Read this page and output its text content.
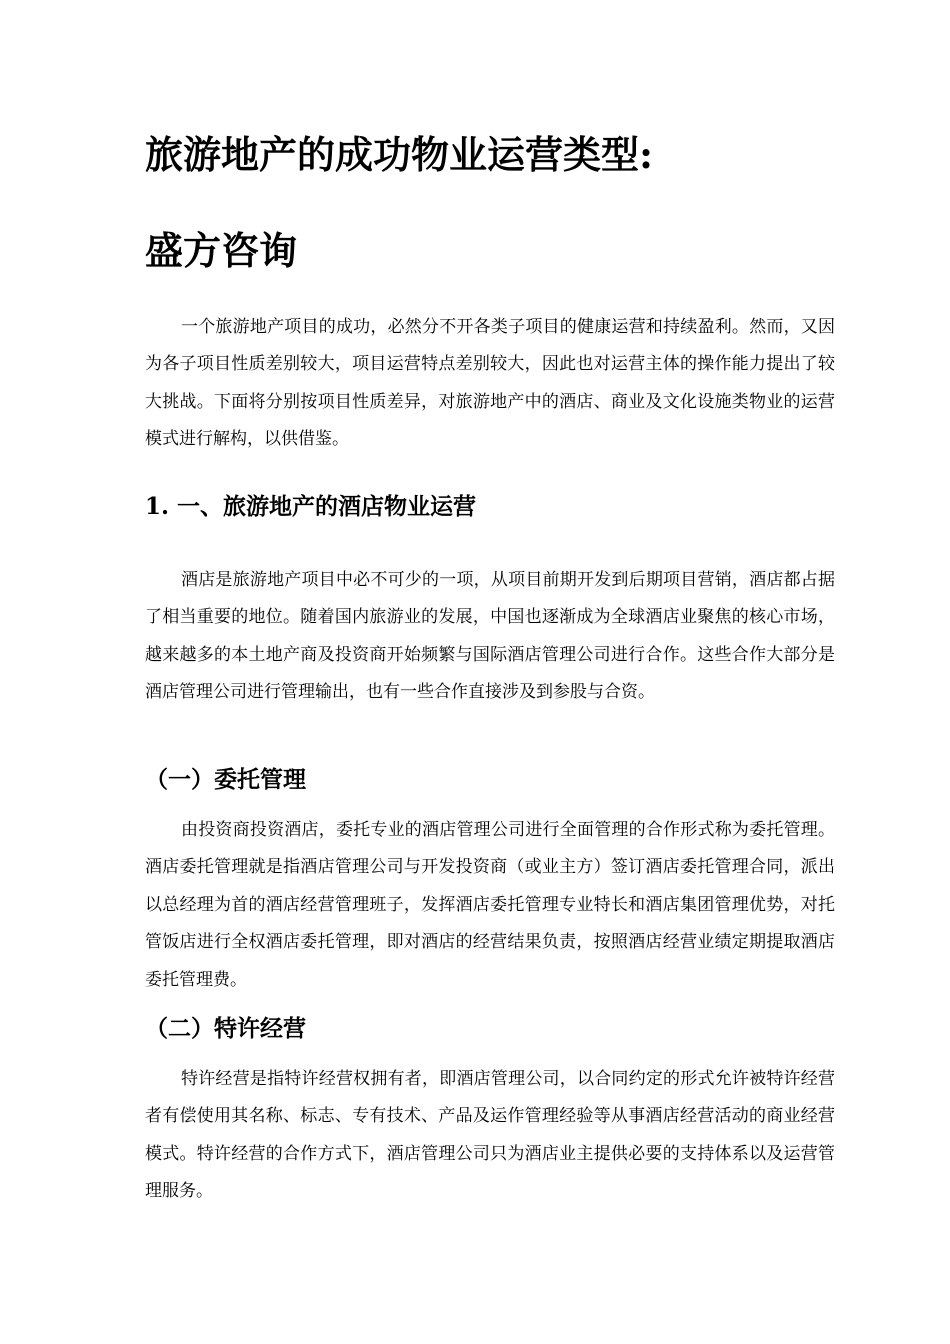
旅游地产的成功物业运营类型:
盛方咨询

一个旅游地产项目的成功，必然分不开各类子项目的健康运营和持续盈利。然而，又因为各子项目性质差别较大，项目运营特点差别较大，因此也对运营主体的操作能力提出了较大挑战。下面将分别按项目性质差异，对旅游地产中的酒店、商业及文化设施类物业的运营模式进行解构，以供借鉴。

1. 一、旅游地产的酒店物业运营

酒店是旅游地产项目中必不可少的一项，从项目前期开发到后期项目营销，酒店都占据了相当重要的地位。随着国内旅游业的发展，中国也逐渐成为全球酒店业聚焦的核心市场，越来越多的本土地产商及投资商开始频繁与国际酒店管理公司进行合作。这些合作大部分是酒店管理公司进行管理输出，也有一些合作直接涉及到参股与合资。

（一）委托管理

由投资商投资酒店，委托专业的酒店管理公司进行全面管理的合作形式称为委托管理。酒店委托管理就是指酒店管理公司与开发投资商（或业主方）签订酒店委托管理合同，派出以总经理为首的酒店经营管理班子，发挥酒店委托管理专业特长和酒店集团管理优势，对托管饭店进行全权酒店委托管理，即对酒店的经营结果负责，按照酒店经营业绩定期提取酒店委托管理费。

（二）特许经营

特许经营是指特许经营权拥有者，即酒店管理公司，以合同约定的形式允许被特许经营者有偿使用其名称、标志、专有技术、产品及运作管理经验等从事酒店经营活动的商业经营模式。特许经营的合作方式下，酒店管理公司只为酒店业主提供必要的支持体系以及运营管理服务。
